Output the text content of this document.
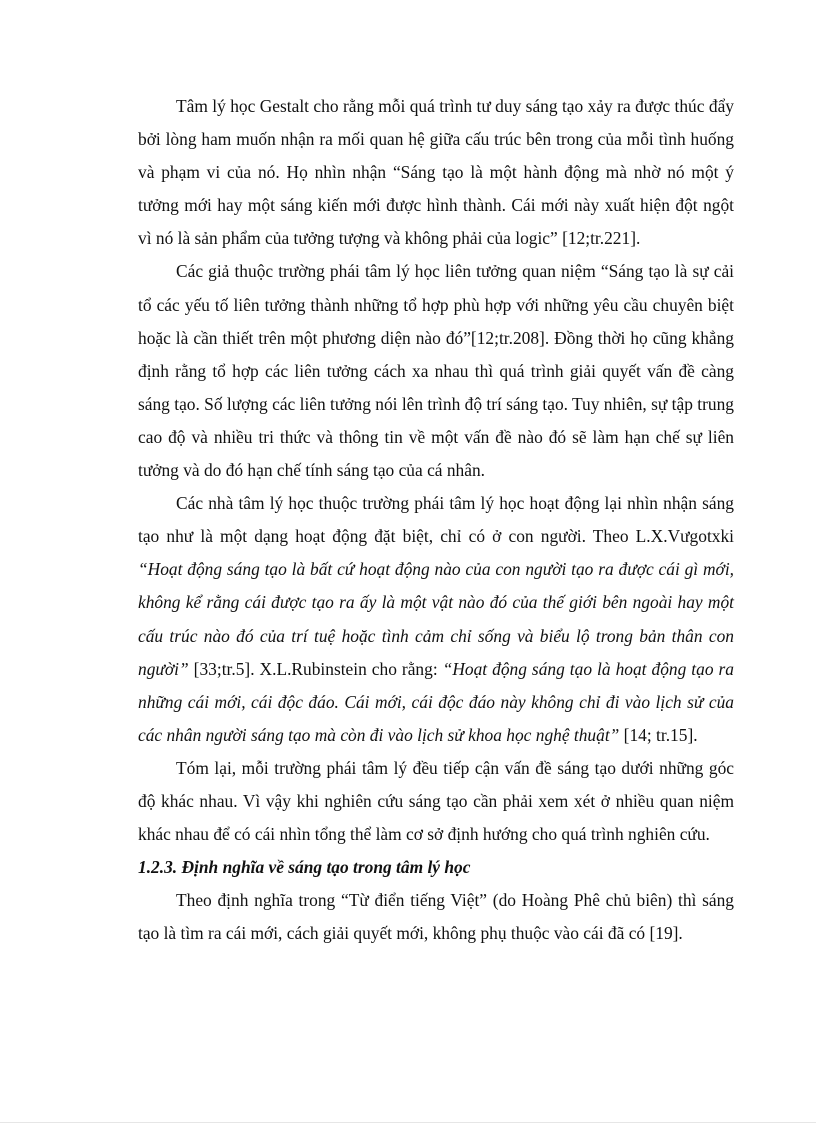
Tâm lý học Gestalt cho rằng mỗi quá trình tư duy sáng tạo xảy ra được thúc đẩy bởi lòng ham muốn nhận ra mối quan hệ giữa cấu trúc bên trong của mỗi tình huống và phạm vi của nó. Họ nhìn nhận “Sáng tạo là một hành động mà nhờ nó một ý tưởng mới hay một sáng kiến mới được hình thành. Cái mới này xuất hiện đột ngột vì nó là sản phẩm của tưởng tượng và không phải của logic” [12;tr.221].

Các giả thuộc trường phái tâm lý học liên tưởng quan niệm “Sáng tạo là sự cải tổ các yếu tố liên tưởng thành những tổ hợp phù hợp với những yêu cầu chuyên biệt hoặc là cần thiết trên một phương diện nào đó”[12;tr.208]. Đồng thời họ cũng khẳng định rằng tổ hợp các liên tưởng cách xa nhau thì quá trình giải quyết vấn đề càng sáng tạo. Số lượng các liên tưởng nói lên trình độ trí sáng tạo. Tuy nhiên, sự tập trung cao độ và nhiều tri thức và thông tin về một vấn đề nào đó sẽ làm hạn chế sự liên tưởng và do đó hạn chế tính sáng tạo của cá nhân.

Các nhà tâm lý học thuộc trường phái tâm lý học hoạt động lại nhìn nhận sáng tạo như là một dạng hoạt động đặt biệt, chỉ có ở con người. Theo L.X.Vưgotxki “Hoạt động sáng tạo là bất cứ hoạt động nào của con người tạo ra được cái gì mới, không kể rằng cái được tạo ra ấy là một vật nào đó của thế giới bên ngoài hay một cấu trúc nào đó của trí tuệ hoặc tình cảm chỉ sống và biểu lộ trong bản thân con người” [33;tr.5]. X.L.Rubinstein cho rằng: “Hoạt động sáng tạo là hoạt động tạo ra những cái mới, cái độc đáo. Cái mới, cái độc đáo này không chỉ đi vào lịch sử của các nhân người sáng tạo mà còn đi vào lịch sử khoa học nghệ thuật” [14; tr.15].

Tóm lại, mỗi trường phái tâm lý đều tiếp cận vấn đề sáng tạo dưới những góc độ khác nhau. Vì vậy khi nghiên cứu sáng tạo cần phải xem xét ở nhiều quan niệm khác nhau để có cái nhìn tổng thể làm cơ sở định hướng cho quá trình nghiên cứu.

1.2.3. Định nghĩa về sáng tạo trong tâm lý học

Theo định nghĩa trong “Từ điển tiếng Việt” (do Hoàng Phê chủ biên) thì sáng tạo là tìm ra cái mới, cách giải quyết mới, không phụ thuộc vào cái đã có [19].
